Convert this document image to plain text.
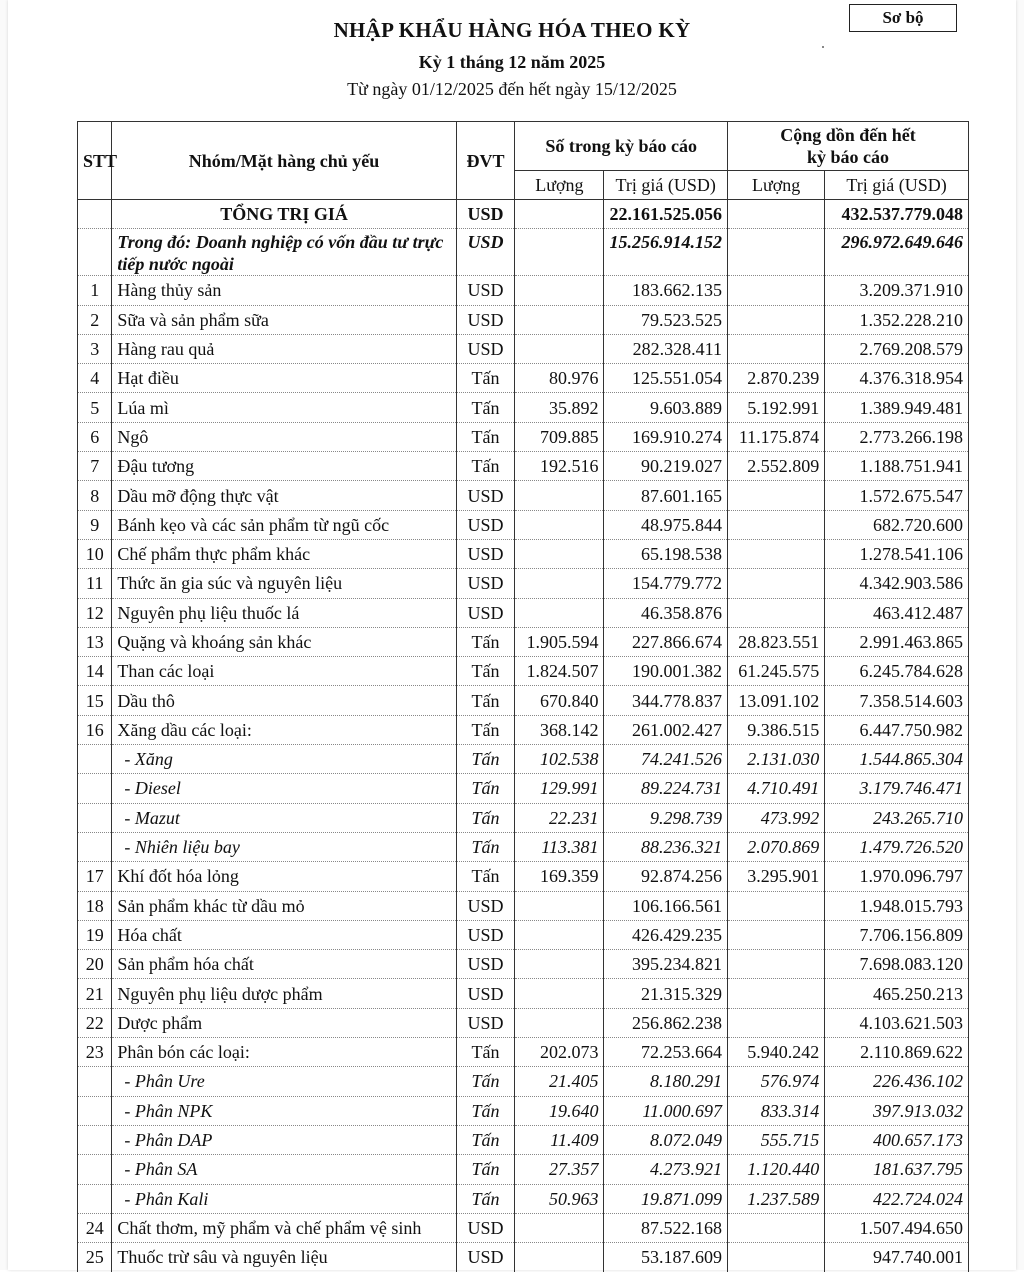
Sơ bộ
NHẬP KHẨU HÀNG HÓA THEO KỲ
Kỳ 1 tháng 12 năm 2025
Từ ngày 01/12/2025 đến hết ngày 15/12/2025
STT	Nhóm/Mặt hàng chủ yếu	ĐVT	Số trong kỳ báo cáo		Cộng dồn đến hết
kỳ báo cáo	
			Lượng	Trị giá (USD)	Lượng	Trị giá (USD)
	TỔNG TRỊ GIÁ	USD		22.161.525.056		432.537.779.048
	Trong đó: Doanh nghiệp có vốn đầu tư trực tiếp nước ngoài	USD		15.256.914.152		296.972.649.646
1	Hàng thủy sản	USD		183.662.135		3.209.371.910
2	Sữa và sản phẩm sữa	USD		79.523.525		1.352.228.210
3	Hàng rau quả	USD		282.328.411		2.769.208.579
4	Hạt điều	Tấn	80.976	125.551.054	2.870.239	4.376.318.954
5	Lúa mì	Tấn	35.892	9.603.889	5.192.991	1.389.949.481
6	Ngô	Tấn	709.885	169.910.274	11.175.874	2.773.266.198
7	Đậu tương	Tấn	192.516	90.219.027	2.552.809	1.188.751.941
8	Dầu mỡ động thực vật	USD		87.601.165		1.572.675.547
9	Bánh kẹo và các sản phẩm từ ngũ cốc	USD		48.975.844		682.720.600
10	Chế phẩm thực phẩm khác	USD		65.198.538		1.278.541.106
11	Thức ăn gia súc và nguyên liệu	USD		154.779.772		4.342.903.586
12	Nguyên phụ liệu thuốc lá	USD		46.358.876		463.412.487
13	Quặng và khoáng sản khác	Tấn	1.905.594	227.866.674	28.823.551	2.991.463.865
14	Than các loại	Tấn	1.824.507	190.001.382	61.245.575	6.245.784.628
15	Dầu thô	Tấn	670.840	344.778.837	13.091.102	7.358.514.603
16	Xăng dầu các loại:	Tấn	368.142	261.002.427	9.386.515	6.447.750.982
	- Xăng	Tấn	102.538	74.241.526	2.131.030	1.544.865.304
	- Diesel	Tấn	129.991	89.224.731	4.710.491	3.179.746.471
	- Mazut	Tấn	22.231	9.298.739	473.992	243.265.710
	- Nhiên liệu bay	Tấn	113.381	88.236.321	2.070.869	1.479.726.520
17	Khí đốt hóa lỏng	Tấn	169.359	92.874.256	3.295.901	1.970.096.797
18	Sản phẩm khác từ dầu mỏ	USD		106.166.561		1.948.015.793
19	Hóa chất	USD		426.429.235		7.706.156.809
20	Sản phẩm hóa chất	USD		395.234.821		7.698.083.120
21	Nguyên phụ liệu dược phẩm	USD		21.315.329		465.250.213
22	Dược phẩm	USD		256.862.238		4.103.621.503
23	Phân bón các loại:	Tấn	202.073	72.253.664	5.940.242	2.110.869.622
	- Phân Ure	Tấn	21.405	8.180.291	576.974	226.436.102
	- Phân NPK	Tấn	19.640	11.000.697	833.314	397.913.032
	- Phân DAP	Tấn	11.409	8.072.049	555.715	400.657.173
	- Phân SA	Tấn	27.357	4.273.921	1.120.440	181.637.795
	- Phân Kali	Tấn	50.963	19.871.099	1.237.589	422.724.024
24	Chất thơm, mỹ phẩm và chế phẩm vệ sinh	USD		87.522.168		1.507.494.650
25	Thuốc trừ sâu và nguyên liệu	USD		53.187.609		947.740.001
